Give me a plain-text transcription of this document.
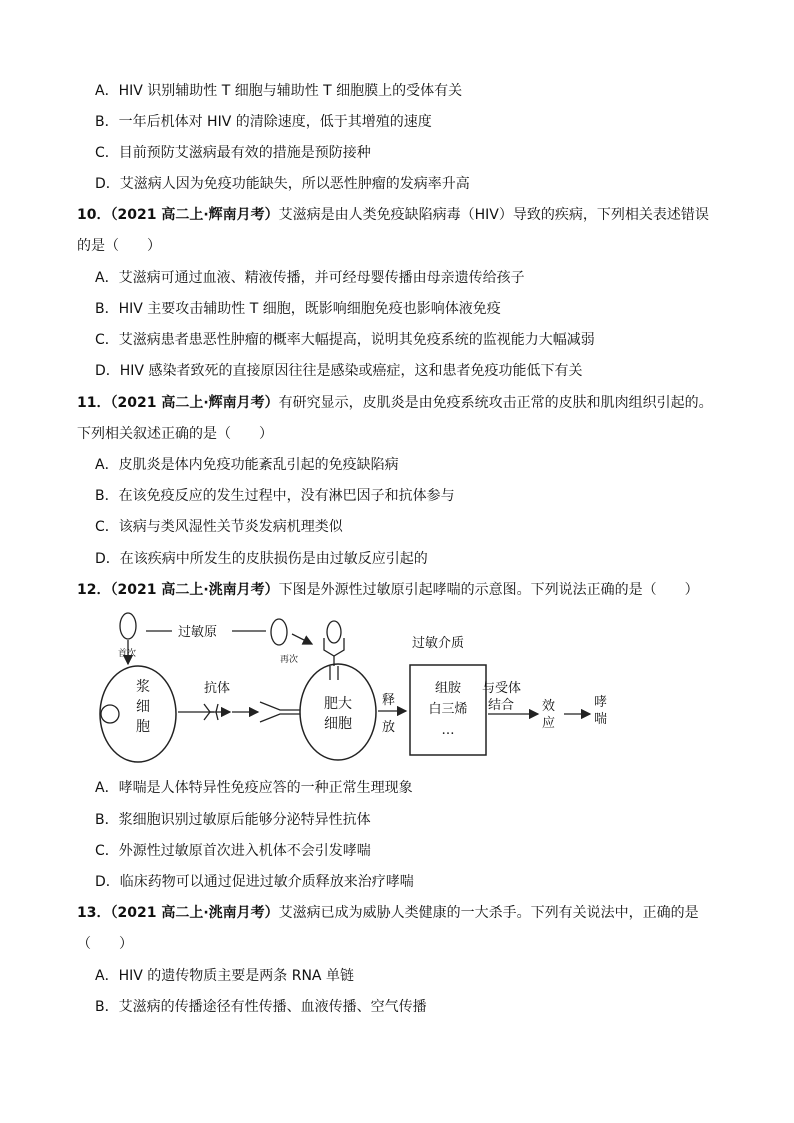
A．HIV 识别辅助性 T 细胞与辅助性 T 细胞膜上的受体有关
B．一年后机体对 HIV 的清除速度，低于其增殖的速度
C．目前预防艾滋病最有效的措施是预防接种
D．艾滋病人因为免疫功能缺失，所以恶性肿瘤的发病率升高
10．（2021 高二上·辉南月考）艾滋病是由人类免疫缺陷病毒（HIV）导致的疾病，下列相关表述错误
的是（　　）
A．艾滋病可通过血液、精液传播，并可经母婴传播由母亲遗传给孩子
B．HIV 主要攻击辅助性 T 细胞，既影响细胞免疫也影响体液免疫
C．艾滋病患者患恶性肿瘤的概率大幅提高，说明其免疫系统的监视能力大幅减弱
D．HIV 感染者致死的直接原因往往是感染或癌症，这和患者免疫功能低下有关
11．（2021 高二上·辉南月考）有研究显示，皮肌炎是由免疫系统攻击正常的皮肤和肌肉组织引起的。
下列相关叙述正确的是（　　）
A．皮肌炎是体内免疫功能紊乱引起的免疫缺陷病
B．在该免疫反应的发生过程中，没有淋巴因子和抗体参与
C．该病与类风湿性关节炎发病机理类似
D．在该疾病中所发生的皮肤损伤是由过敏反应引起的
12．（2021 高二上·洮南月考）下图是外源性过敏原引起哮喘的示意图。下列说法正确的是（　　）
过敏原
再次
首次
浆
细
胞
抗体
肥大
细胞
释
放
过敏介质
组胺
白三烯
…
与受体
结合 效
应
哮
喘
A．哮喘是人体特异性免疫应答的一种正常生理现象
B．浆细胞识别过敏原后能够分泌特异性抗体
C．外源性过敏原首次进入机体不会引发哮喘
D．临床药物可以通过促进过敏介质释放来治疗哮喘
13．（2021 高二上·洮南月考）艾滋病已成为威胁人类健康的一大杀手。下列有关说法中，正确的是
（　　）
A．HIV 的遗传物质主要是两条 RNA 单链
B．艾滋病的传播途径有性传播、血液传播、空气传播
